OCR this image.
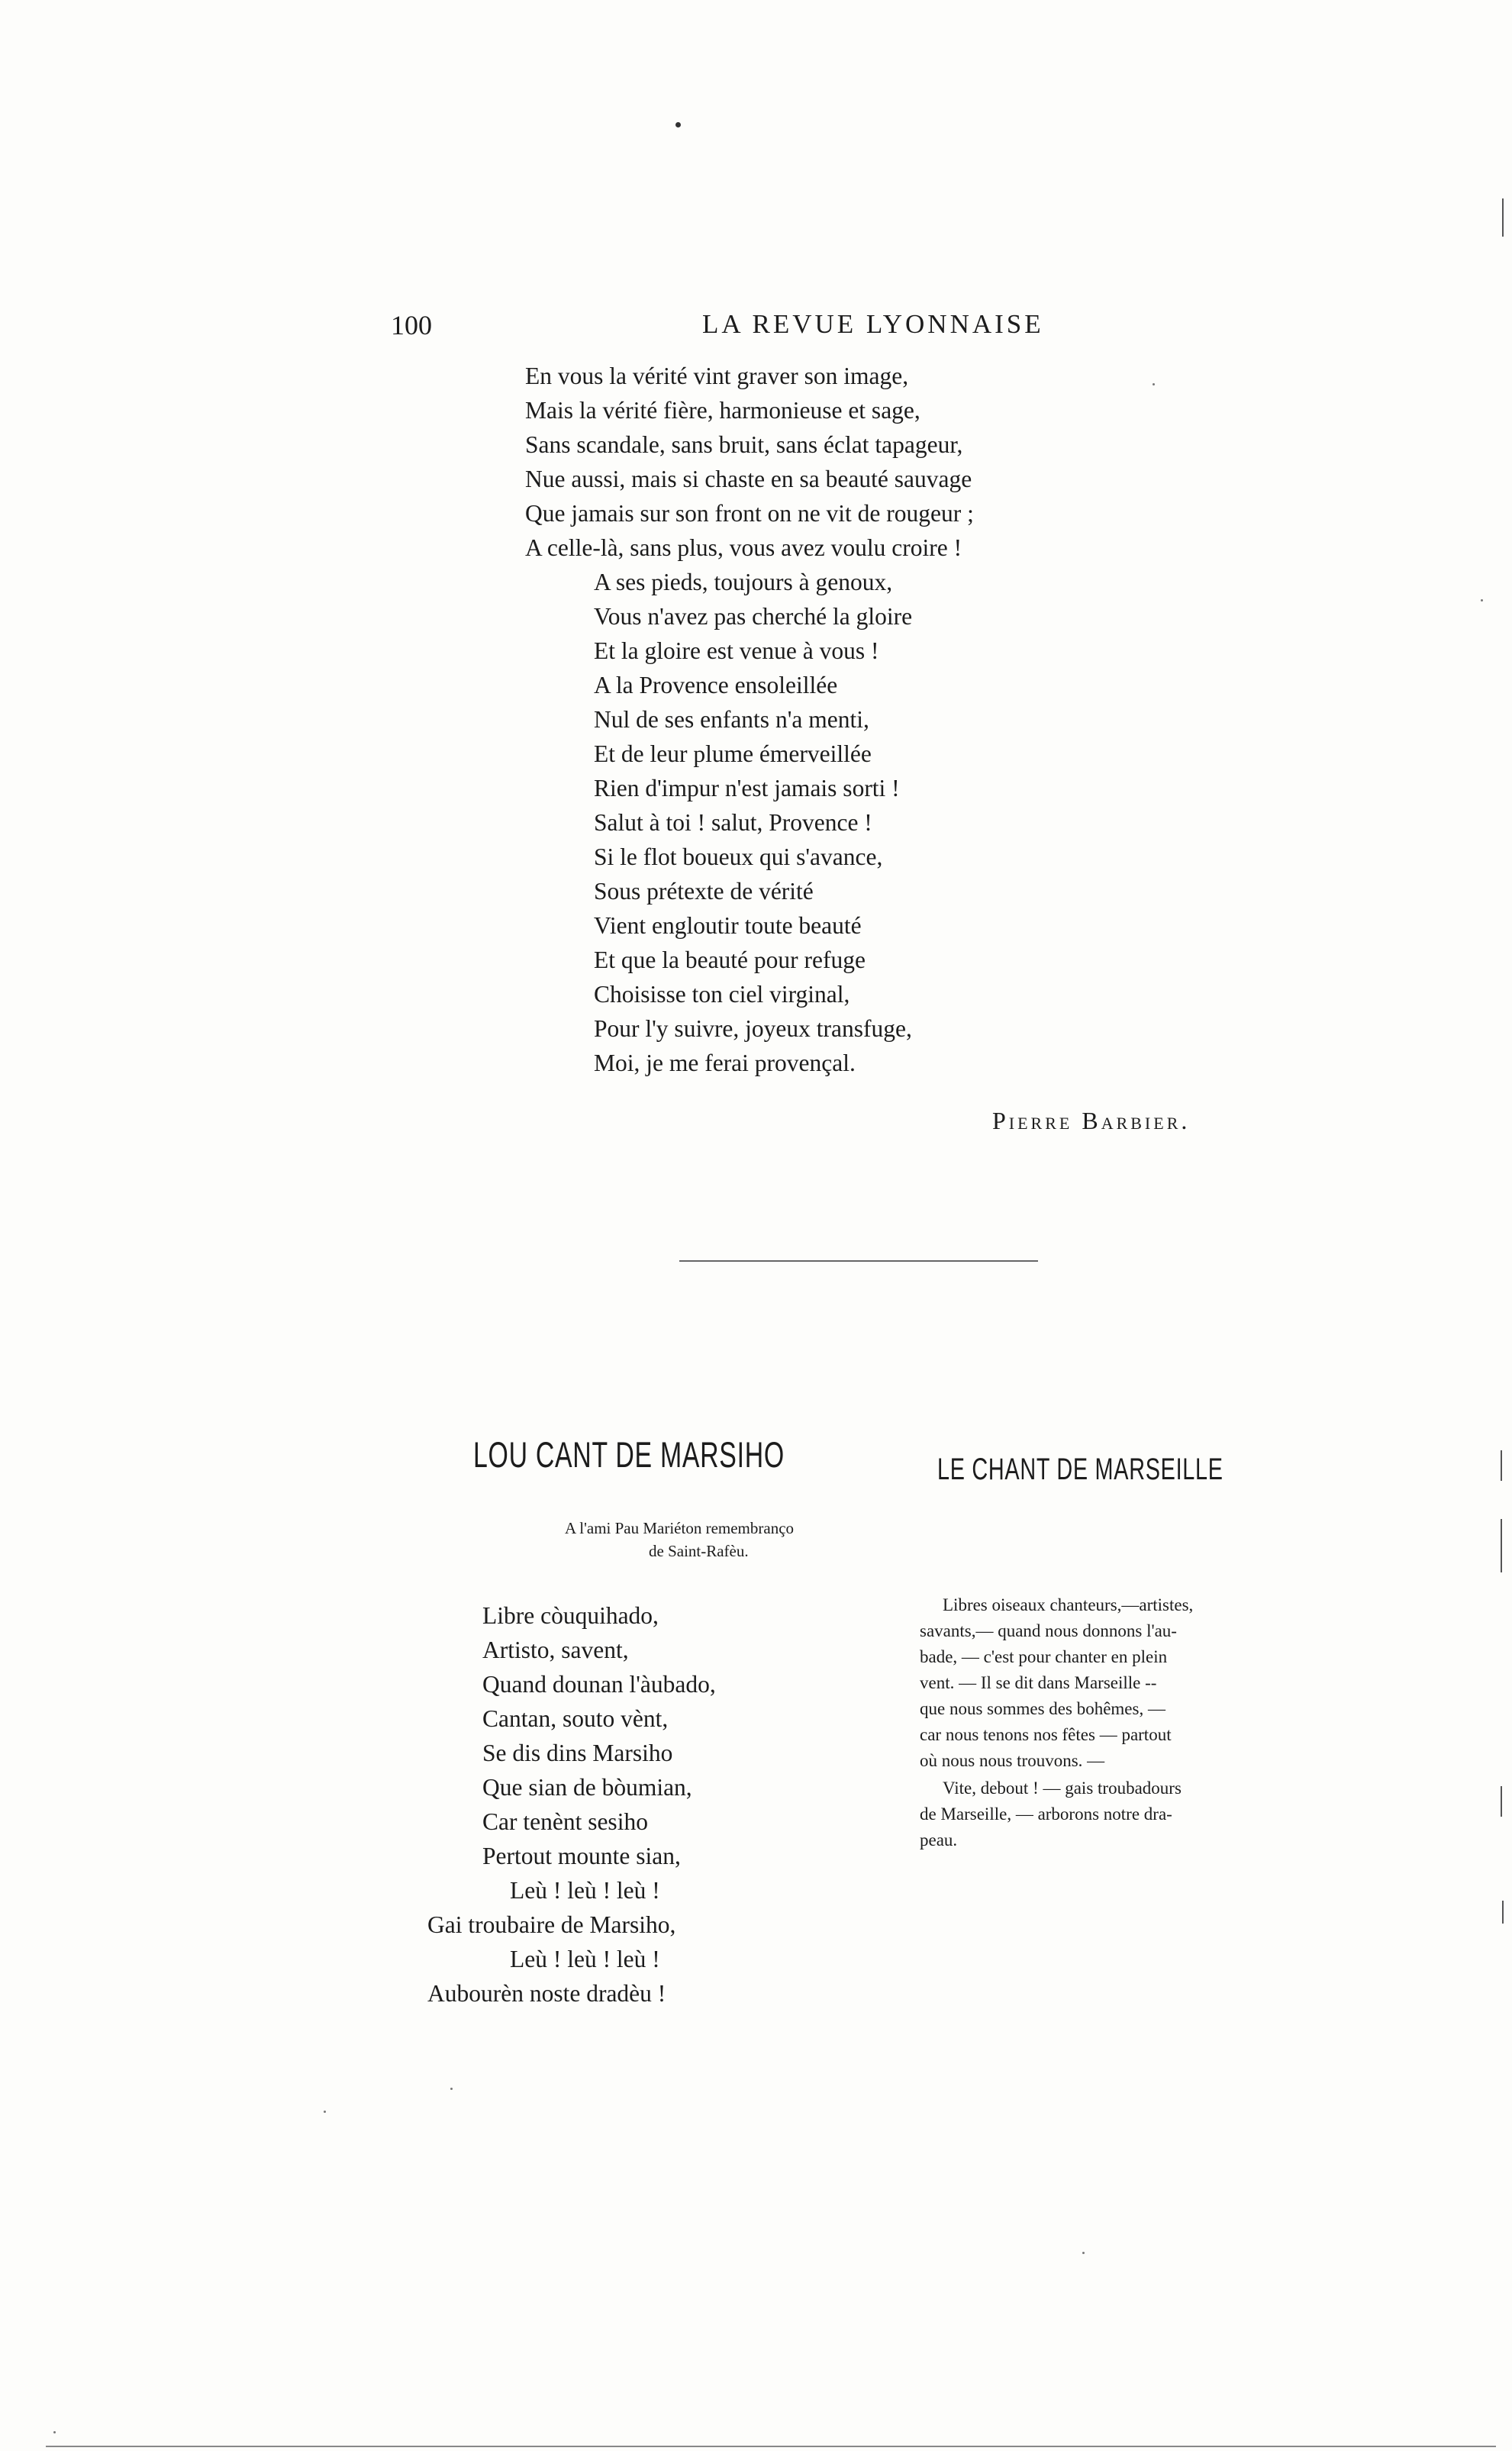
100	LA REVUE LYONNAISE
En vous la vérité vint graver son image,
Mais la vérité fière, harmonieuse et sage,
Sans scandale, sans bruit, sans éclat tapageur,
Nue aussi, mais si chaste en sa beauté sauvage
Que jamais sur son front on ne vit de rougeur ;
A celle-là, sans plus, vous avez voulu croire !
A ses pieds, toujours à genoux,
Vous n'avez pas cherché la gloire
Et la gloire est venue à vous !
A la Provence ensoleillée
Nul de ses enfants n'a menti,
Et de leur plume émerveillée
Rien d'impur n'est jamais sorti !
Salut à toi ! salut, Provence !
Si le flot boueux qui s'avance,
Sous prétexte de vérité
Vient engloutir toute beauté
Et que la beauté pour refuge
Choisisse ton ciel virginal,
Pour l'y suivre, joyeux transfuge,
Moi, je me ferai provençal.
Pierre Barbier.
LOU CANT DE MARSIHO	LE CHANT DE MARSEILLE
A l'ami Pau Mariéton remembranço
de Saint-Rafèu.
Libre còuquihado,
Artisto, savent,
Quand dounan l'àubado,
Cantan, souto vènt,
Se dis dins Marsiho
Que sian de bòumian,
Car tenènt sesiho
Pertout mounte sian,
Leù ! leù ! leù !
Gai troubaire de Marsiho,
Leù ! leù ! leù !
Aubourèn noste dradèu !
Libres oiseaux chanteurs,—artistes,
savants,— quand nous donnons l'au-
bade, — c'est pour chanter en plein
vent. — Il se dit dans Marseille --
que nous sommes des bohêmes, —
car nous tenons nos fêtes — partout
où nous nous trouvons. —
Vite, debout ! — gais troubadours
de Marseille, — arborons notre dra-
peau.
